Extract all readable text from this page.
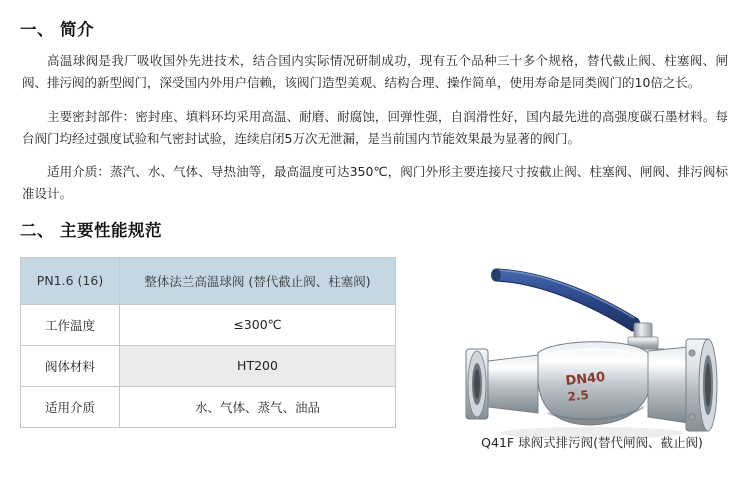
一、 简介

高温球阀是我厂吸收国外先进技术，结合国内实际情况研制成功，现有五个品种三十多个规格，替代截止阀、柱塞阀、闸阀、排污阀的新型阀门，深受国内外用户信赖，该阀门造型美观、结构合理、操作简单，使用寿命是同类阀门的10倍之长。

主要密封部件：密封座、填料环均采用高温、耐磨、耐腐蚀，回弹性强，自润滑性好，国内最先进的高强度碳石墨材料。每台阀门均经过强度试验和气密封试验，连续启闭5万次无泄漏，是当前国内节能效果最为显著的阀门。

适用介质：蒸汽、水、气体、导热油等，最高温度可达350℃，阀门外形主要连接尺寸按截止阀、柱塞阀、闸阀、排污阀标准设计。

二、 主要性能规范
PN1.6 (16)	整体法兰高温球阀 (替代截止阀、柱塞阀)
工作温度	≤300℃
阀体材料	HT200
适用介质	水、气体、蒸气、油品
DN40
2.5
Q41F 球阀式排污阀(替代闸阀、截止阀)
